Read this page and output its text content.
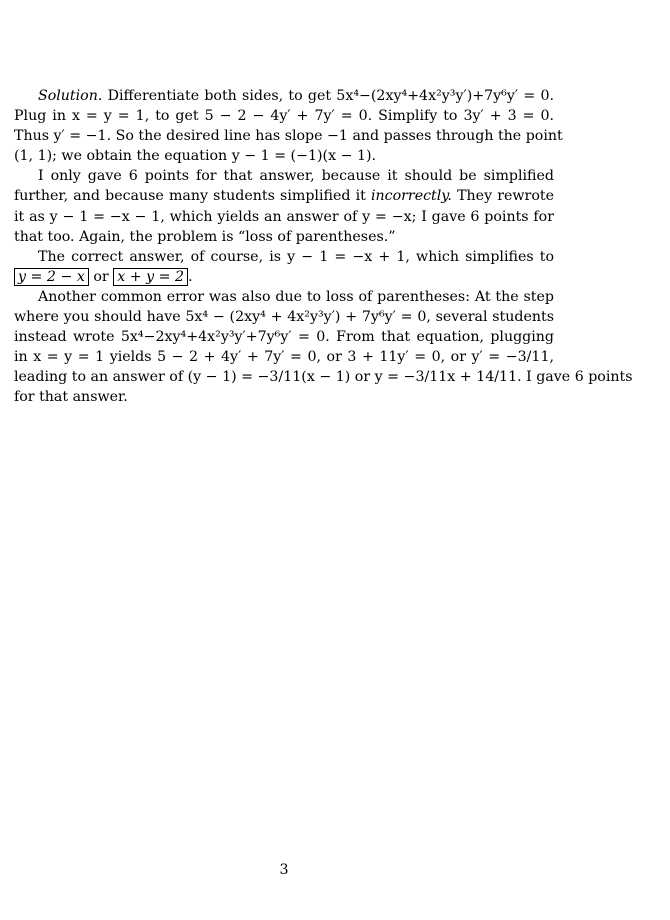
Solution. Differentiate both sides, to get 5x⁴−(2xy⁴+4x²y³y′)+7y⁶y′ = 0.
Plug in x = y = 1, to get 5 − 2 − 4y′ + 7y′ = 0. Simplify to 3y′ + 3 = 0.
Thus y′ = −1. So the desired line has slope −1 and passes through the point
(1, 1); we obtain the equation y − 1 = (−1)(x − 1).
I only gave 6 points for that answer, because it should be simplified
further, and because many students simplified it incorrectly. They rewrote
it as y − 1 = −x − 1, which yields an answer of y = −x; I gave 6 points for
that too. Again, the problem is “loss of parentheses.”
The correct answer, of course, is y − 1 = −x + 1, which simplifies to
y = 2 − x or x + y = 2 .
Another common error was also due to loss of parentheses: At the step
where you should have 5x⁴ − (2xy⁴ + 4x²y³y′) + 7y⁶y′ = 0, several students
instead wrote 5x⁴−2xy⁴+4x²y³y′+7y⁶y′ = 0. From that equation, plugging
in x = y = 1 yields 5 − 2 + 4y′ + 7y′ = 0, or 3 + 11y′ = 0, or y′ = −3/11,
leading to an answer of (y − 1) = −3/11(x − 1) or y = −3/11x + 14/11. I gave 6 points
for that answer.
3
